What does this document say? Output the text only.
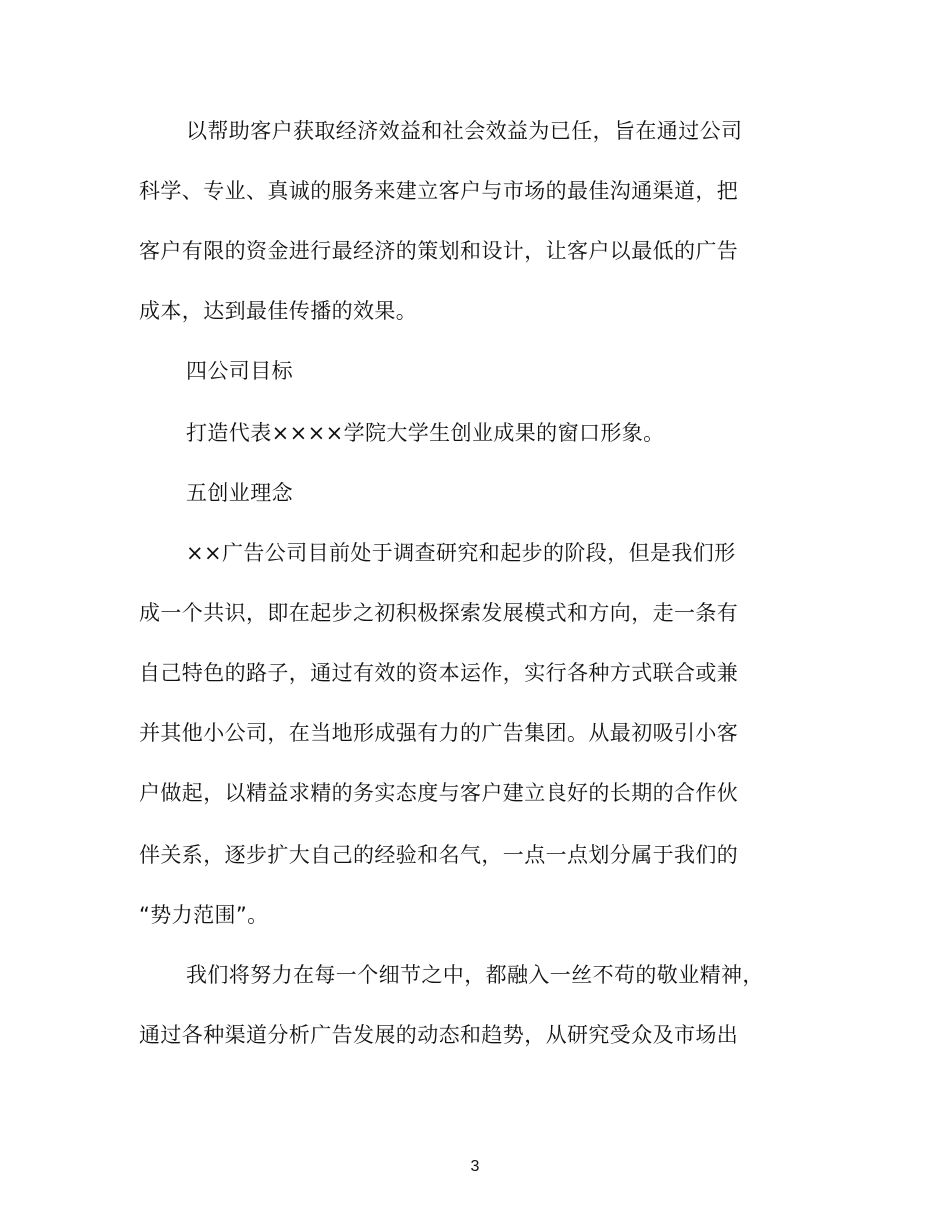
以帮助客户获取经济效益和社会效益为已任，旨在通过公司
科学、专业、真诚的服务来建立客户与市场的最佳沟通渠道，把
客户有限的资金进行最经济的策划和设计，让客户以最低的广告
成本，达到最佳传播的效果。
四公司目标
打造代表××××学院大学生创业成果的窗口形象。
五创业理念
××广告公司目前处于调查研究和起步的阶段，但是我们形
成一个共识，即在起步之初积极探索发展模式和方向，走一条有
自己特色的路子，通过有效的资本运作，实行各种方式联合或兼
并其他小公司，在当地形成强有力的广告集团。从最初吸引小客
户做起，以精益求精的务实态度与客户建立良好的长期的合作伙
伴关系，逐步扩大自己的经验和名气，一点一点划分属于我们的
“势力范围”。
我们将努力在每一个细节之中，都融入一丝不苟的敬业精神，
通过各种渠道分析广告发展的动态和趋势，从研究受众及市场出
3
